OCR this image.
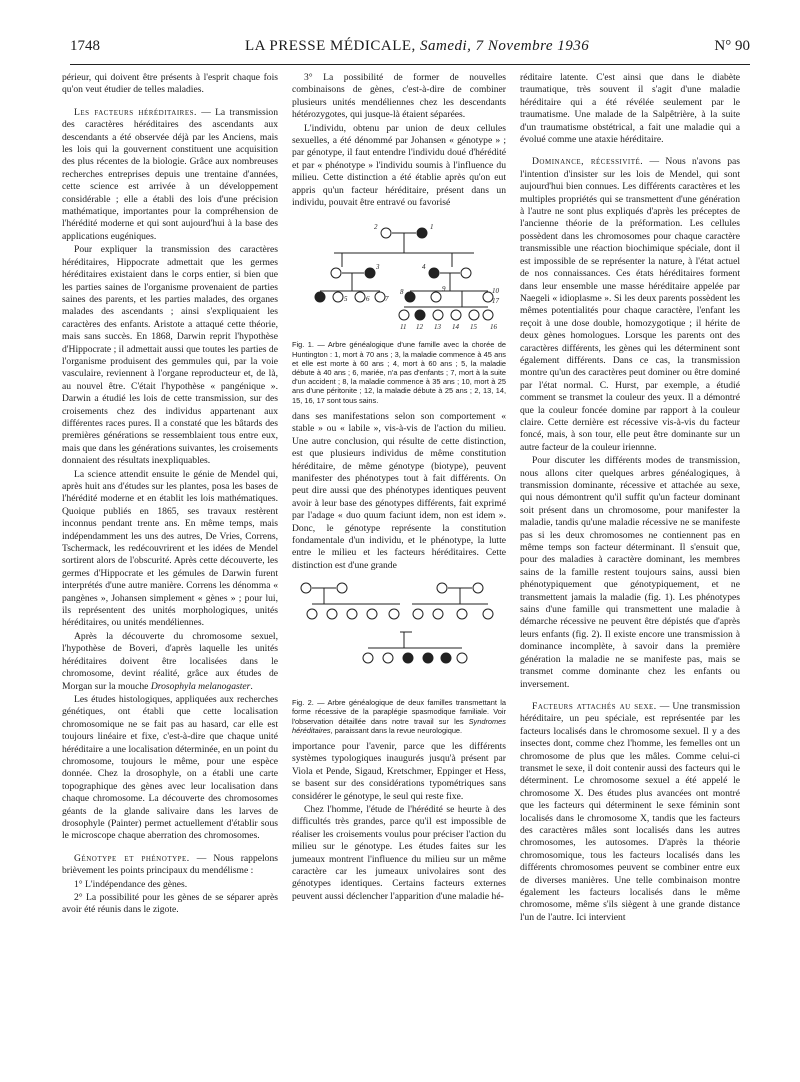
1748	LA PRESSE MÉDICALE, Samedi, 7 Novembre 1936	N° 90

périeur, qui doivent être présents à l'esprit chaque fois qu'on veut étudier de telles maladies.

Les facteurs héréditaires. — La transmission des caractères héréditaires des ascendants aux descendants a été observée déjà par les Anciens, mais les lois qui la gouvernent constituent une acquisition des plus récentes de la biologie. Grâce aux nombreuses recherches entreprises depuis une trentaine d'années, cette science est arrivée à un développement considérable ; elle a établi des lois d'une précision mathématique, importantes pour la compréhension de l'hérédité moderne et qui sont aujourd'hui à la base des applications eugéniques.

Pour expliquer la transmission des caractères héréditaires, Hippocrate admettait que les germes héréditaires existaient dans le corps entier, si bien que les parties saines de l'organisme provenaient de parties saines des parents, et les parties malades, des organes malades des ascendants ; ainsi s'expliquaient les caractères des enfants. Aristote a attaqué cette théorie, mais sans succès. En 1868, Darwin reprit l'hypothèse d'Hippocrate ; il admettait aussi que toutes les parties de l'organisme produisent des gemmules qui, par la voie vasculaire, reviennent à l'organe reproducteur et, de là, au nouvel être. C'était l'hypothèse « pangénique ». Darwin a étudié les lois de cette transmission, sur des croisements chez des individus appartenant aux différentes races pures. Il a constaté que les bâtards des premières générations se ressemblaient tous entre eux, mais que dans les générations suivantes, les croisements donnaient des résultats inexpliquables.

La science attendit ensuite le génie de Mendel qui, après huit ans d'études sur les plantes, posa les bases de l'hérédité moderne et en établit les lois mathématiques. Quoique publiés en 1865, ses travaux restèrent inconnus pendant trente ans. En même temps, mais indépendamment les uns des autres, De Vries, Correns, Tschermack, les redécouvrirent et les idées de Mendel sortirent alors de l'obscurité. Après cette découverte, les germes d'Hippocrate et les gémules de Darwin furent interprétés d'une autre manière. Correns les dénomma « pangènes », Johansen simplement « gènes » ; pour lui, ils représentent des unités morphologiques, unités héréditaires, ou unités mendéliennes.

Après la découverte du chromosome sexuel, l'hypothèse de Boveri, d'après laquelle les unités héréditaires doivent être localisées dans le chromosome, devint réalité, grâce aux études de Morgan sur la mouche Drosophyla melanogaster.

Les études histologiques, appliquées aux recherches génétiques, ont établi que cette localisation chromosomique ne se fait pas au hasard, car elle est toujours linéaire et fixe, c'est-à-dire que chaque unité héréditaire a une localisation déterminée, en un point du chromosome, toujours le même, pour une espèce donnée. Chez la drosophyle, on a établi une carte topographique des gènes avec leur localisation dans chaque chromosome. La découverte des chromosomes géants de la glande salivaire dans les larves de drosophyle (Painter) permet actuellement d'établir sous le microscope chaque aberration des chromosomes.

Génotype et phénotype. — Nous rappelons brièvement les points principaux du mendélisme :

1° L'indépendance des gènes.

2° La possibilité pour les gènes de se séparer après avoir été réunis dans le zigote.

3° La possibilité de former de nouvelles combinaisons de gènes, c'est-à-dire de combiner plusieurs unités mendéliennes chez les descendants hétérozygotes, qui jusque-là étaient séparées.

L'individu, obtenu par union de deux cellules sexuelles, a été dénommé par Johansen « génotype » ; par génotype, il faut entendre l'individu doué d'hérédité et par « phénotype » l'individu soumis à l'influence du milieu. Cette distinction a été établie après qu'on eut appris qu'un facteur héréditaire, présent dans un individu, pouvait être entravé ou favorisé

2	1
3	4
5	6 7
8	9	10
11 12 13 14 15 16
17
Fig. 1. — Arbre généalogique d'une famille avec la chorée de Huntington : 1, mort à 70 ans ; 3, la maladie commence à 45 ans et elle est morte à 60 ans ; 4, mort à 60 ans ; 5, la maladie débute à 40 ans ; 6, mariée, n'a pas d'enfants ; 7, mort à la suite d'un accident ; 8, la maladie commence à 35 ans ; 10, mort à 25 ans d'une péritonite ; 12, la maladie débute à 25 ans ; 2, 13, 14, 15, 16, 17 sont tous sains.

dans ses manifestations selon son comportement « stable » ou « labile », vis-à-vis de l'action du milieu. Une autre conclusion, qui résulte de cette distinction, est que plusieurs individus de même constitution héréditaire, de même génotype (biotype), peuvent manifester des phénotypes tout à fait différents. On peut dire aussi que des phénotypes identiques peuvent avoir à leur base des génotypes différents, fait exprimé par l'adage « duo quum faciunt idem, non est idem ». Donc, le génotype représente la constitution fondamentale d'un individu, et le phénotype, la lutte entre le milieu et les facteurs héréditaires. Cette distinction est d'une grande

Fig. 2. — Arbre généalogique de deux familles transmettant la forme récessive de la paraplégie spasmodique familiale. Voir l'observation détaillée dans notre travail sur les Syndromes héréditaires, paraissant dans la revue neurologique.

importance pour l'avenir, parce que les différents systèmes typologiques inaugurés jusqu'à présent par Viola et Pende, Sigaud, Kretschmer, Eppinger et Hess, se basent sur des considérations typométriques sans considérer le génotype, le seul qui reste fixe.

Chez l'homme, l'étude de l'hérédité se heurte à des difficultés très grandes, parce qu'il est impossible de réaliser les croisements voulus pour préciser l'action du milieu sur le génotype. Les études faites sur les jumeaux montrent l'influence du milieu sur un même caractère car les jumeaux univolaires sont des génotypes identiques. Certains facteurs externes peuvent aussi déclencher l'apparition d'une maladie hé-

réditaire latente. C'est ainsi que dans le diabète traumatique, très souvent il s'agit d'une maladie héréditaire qui a été révélée seulement par le traumatisme. Une malade de la Salpêtrière, à la suite d'un traumatisme obstétrical, a fait une maladie qui a évolué comme une ataxie héréditaire.

Dominance, récessivité. — Nous n'avons pas l'intention d'insister sur les lois de Mendel, qui sont aujourd'hui bien connues. Les différents caractères et les multiples propriétés qui se transmettent d'une génération à l'autre ne sont plus expliqués d'après les préceptes de l'ancienne théorie de la préformation. Les cellules possèdent dans les chromosomes pour chaque caractère transmissible une réaction biochimique spéciale, dont il est impossible de se représenter la nature, à l'état actuel de nos connaissances. Ces états héréditaires forment dans leur ensemble une masse héréditaire appelée par Naegeli « idioplasme ». Si les deux parents possèdent les mêmes potentialités pour chaque caractère, l'enfant les reçoit à une dose double, homozygotique ; il hérite de deux gènes homologues. Lorsque les parents ont des caractères différents, les gènes qui les déterminent sont également différents. Dans ce cas, la transmission montre qu'un des caractères peut dominer ou être dominé par l'état normal. C. Hurst, par exemple, a étudié comment se transmet la couleur des yeux. Il a démontré que la couleur foncée domine par rapport à la couleur claire. Cette dernière est récessive vis-à-vis du facteur foncé, mais, à son tour, elle peut être dominante sur un autre facteur de la couleur iriennne.

Pour discuter les différents modes de transmission, nous allons citer quelques arbres généalogiques, à transmission dominante, récessive et attachée au sexe, qui nous démontrent qu'il suffit qu'un facteur dominant soit présent dans un chromosome, pour manifester la maladie, tandis qu'une maladie récessive ne se manifeste pas si les deux chromosomes ne contiennent pas en même temps son facteur déterminant. Il s'ensuit que, pour des maladies à caractère dominant, les membres sains de la famille restent toujours sains, aussi bien phénotypiquement que génotypiquement, et ne transmettent jamais la maladie (fig. 1). Les phénotypes sains d'une famille qui transmettent une maladie à démarche récessive ne peuvent être dépistés que d'après leurs enfants (fig. 2). Il existe encore une transmission à dominance incomplète, à savoir dans la première génération la maladie ne se manifeste pas, mais se transmet comme dominante chez les enfants ou inversement.

Facteurs attachés au sexe. — Une transmission héréditaire, un peu spéciale, est représentée par les facteurs localisés dans le chromosome sexuel. Il y a des insectes dont, comme chez l'homme, les femelles ont un chromosome de plus que les mâles. Comme celui-ci transmet le sexe, il doit contenir aussi des facteurs qui le déterminent. Le chromosome sexuel a été appelé le chromosome X. Des études plus avancées ont montré que les facteurs qui déterminent le sexe féminin sont localisés dans le chromosome X, tandis que les facteurs des caractères mâles sont localisés dans les autres chromosomes, les autosomes. D'après la théorie chromosomique, tous les facteurs localisés dans les différents chromosomes peuvent se combiner entre eux de diverses manières. Une telle combinaison montre également les facteurs localisés dans le même chromosome, même s'ils siègent à une grande distance l'un de l'autre. Ici intervient
